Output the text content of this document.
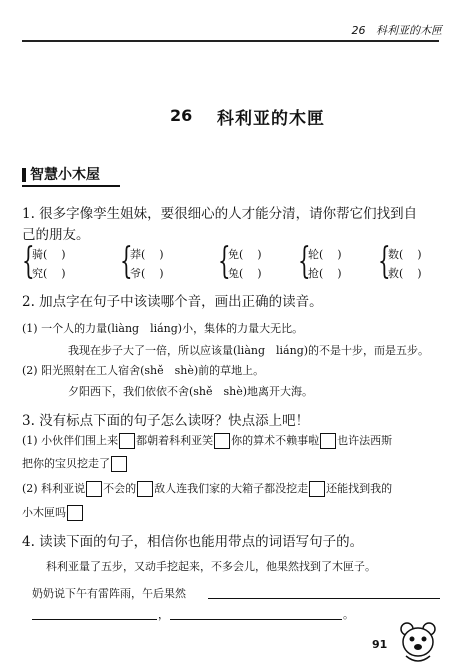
26 科利亚的木匣
26 科利亚的木匣
智慧小木屋
1. 很多字像孪生姐妹，要很细心的人才能分清，请你帮它们找到自
己的朋友。
{
骑(    )
究(    ) {
莽(    )
爷(    ) {
免(    )
兔(    ) {
轮(    )
抢(    ) {
数(    )
救(    )
2. 加点字在句子中该读哪个音，画出正确的读音。
(1) 一个人的力量(liàng　liáng)小，集体的力量大无比。
我现在步子大了一倍，所以应该量(liàng　liáng)的不是十步，而是五步。
(2) 阳光照射在工人宿舍(shě　shè)前的草地上。
夕阳西下，我们依依不舍(shě　shè)地离开大海。
3. 没有标点下面的句子怎么读呀？快点添上吧！
(1) 小伙伴们围上来 都朝着科利亚笑 你的算术不赖事啦 也许法西斯
把你的宝贝挖走了
(2) 科利亚说 不会的 敌人连我们家的大箱子都没挖走 还能找到我的
小木匣吗
4. 读读下面的句子，相信你也能用带点的词语写句子的。
科利亚量了五步，又动手挖起来，不多会儿，他果然找到了木匣子。
奶奶说下午有雷阵雨，午后果然
，	。
91
